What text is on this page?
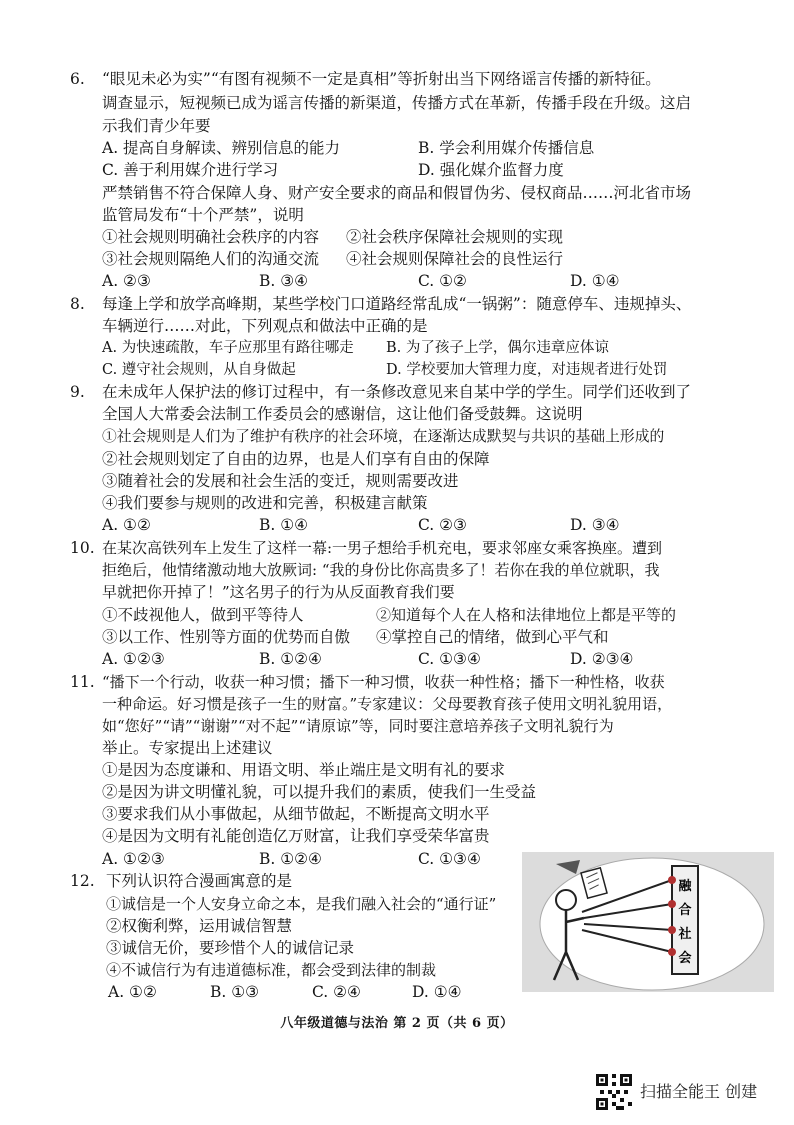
6. “眼见未必为实”“有图有视频不一定是真相”等折射出当下网络谣言传播的新特征。
调查显示，短视频已成为谣言传播的新渠道，传播方式在革新，传播手段在升级。这启
示我们青少年要
A. 提高自身解读、辨别信息的能力	B. 学会利用媒介传播信息
C. 善于利用媒介进行学习	D. 强化媒介监督力度
严禁销售不符合保障人身、财产安全要求的商品和假冒伪劣、侵权商品……河北省市场
监管局发布“十个严禁”，说明
①社会规则明确社会秩序的内容 ②社会秩序保障社会规则的实现
③社会规则隔绝人们的沟通交流 ④社会规则保障社会的良性运行
A. ②③	B. ③④	C. ①②	D. ①④
8. 每逢上学和放学高峰期，某些学校门口道路经常乱成“一锅粥”：随意停车、违规掉头、
车辆逆行……对此，下列观点和做法中正确的是
A. 为快速疏散，车子应那里有路往哪走 B. 为了孩子上学，偶尔违章应体谅
C. 遵守社会规则，从自身做起	D. 学校要加大管理力度，对违规者进行处罚
9. 在未成年人保护法的修订过程中，有一条修改意见来自某中学的学生。同学们还收到了
全国人大常委会法制工作委员会的感谢信，这让他们备受鼓舞。这说明
①社会规则是人们为了维护有秩序的社会环境，在逐渐达成默契与共识的基础上形成的
②社会规则划定了自由的边界，也是人们享有自由的保障
③随着社会的发展和社会生活的变迁，规则需要改进
④我们要参与规则的改进和完善，积极建言献策
A. ①②	B. ①④	C. ②③	D. ③④
10. 在某次高铁列车上发生了这样一幕:一男子想给手机充电，要求邻座女乘客换座。遭到
拒绝后，他情绪激动地大放厥词: “我的身份比你高贵多了！若你在我的单位就职，我
早就把你开掉了！”这名男子的行为从反面教育我们要
①不歧视他人，做到平等待人	②知道每个人在人格和法律地位上都是平等的
③以工作、性别等方面的优势而自傲 ④掌控自己的情绪，做到心平气和
A. ①②③	B. ①②④	C. ①③④	D. ②③④
11. “播下一个行动，收获一种习惯；播下一种习惯，收获一种性格；播下一种性格，收获
一种命运。好习惯是孩子一生的财富。”专家建议：父母要教育孩子使用文明礼貌用语，
如“您好”“请”“谢谢”“对不起”“请原谅”等，同时要注意培养孩子文明礼貌行为
举止。专家提出上述建议
①是因为态度谦和、用语文明、举止端庄是文明有礼的要求
②是因为讲文明懂礼貌，可以提升我们的素质，使我们一生受益
③要求我们从小事做起，从细节做起，不断提高文明水平
④是因为文明有礼能创造亿万财富，让我们享受荣华富贵
A. ①②③	B. ①②④	C. ①③④
12. 下列认识符合漫画寓意的是
①诚信是一个人安身立命之本，是我们融入社会的“通行证”
②权衡利弊，运用诚信智慧
③诚信无价，要珍惜个人的诚信记录
④不诚信行为有违道德标准，都会受到法律的制裁
A. ①②	B. ①③	C. ②④	D. ①④
融
合
社
会
八年级道德与法治 第 2 页（共 6 页）
扫描全能王 创建
